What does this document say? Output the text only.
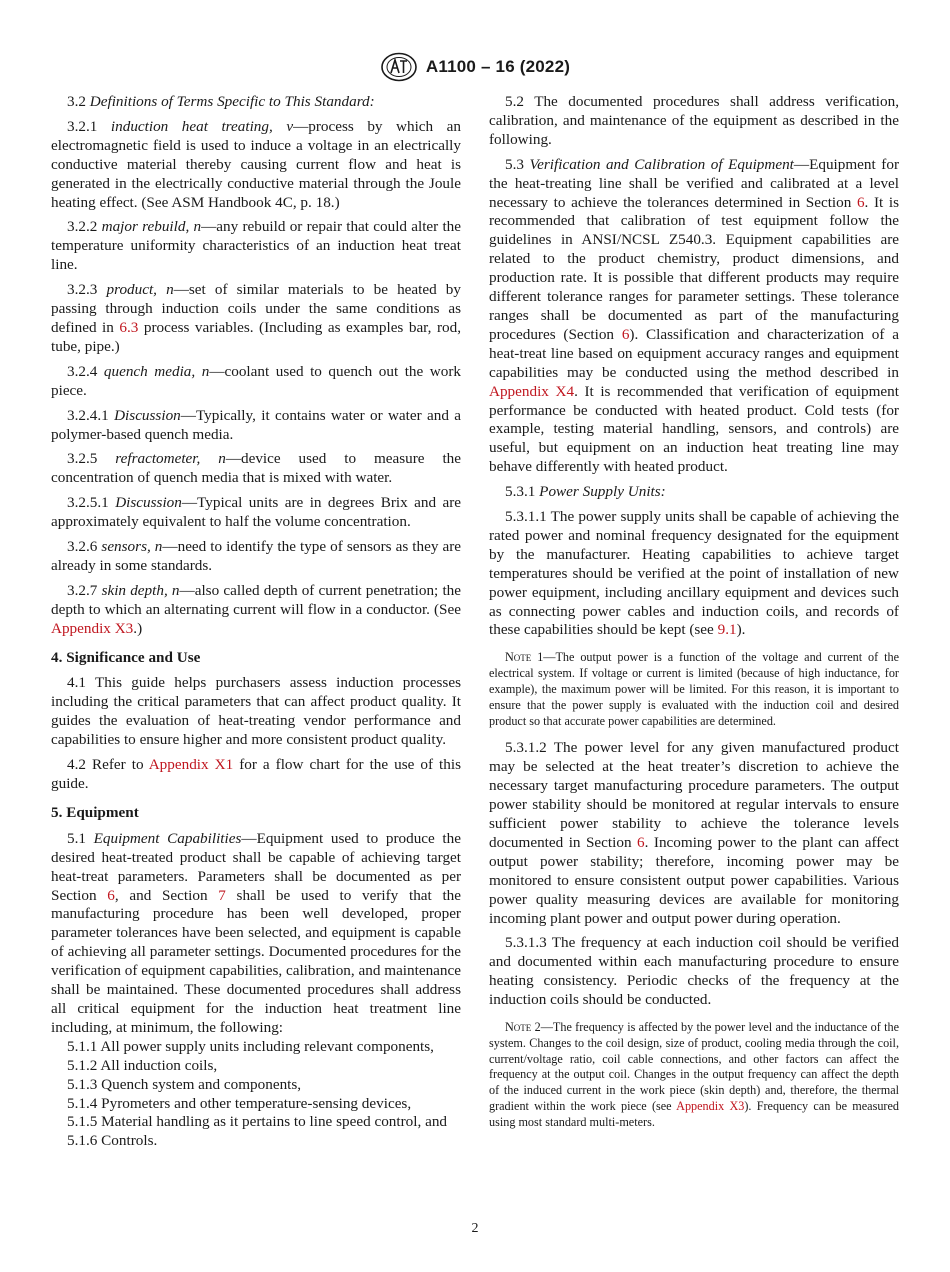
A1100 – 16 (2022)
3.2 Definitions of Terms Specific to This Standard:
3.2.1 induction heat treating, v—process by which an electromagnetic field is used to induce a voltage in an electrically conductive material thereby causing current flow and heat is generated in the electrically conductive material through the Joule heating effect. (See ASM Handbook 4C, p. 18.)
3.2.2 major rebuild, n—any rebuild or repair that could alter the temperature uniformity characteristics of an induction heat treat line.
3.2.3 product, n—set of similar materials to be heated by passing through induction coils under the same conditions as defined in 6.3 process variables. (Including as examples bar, rod, tube, pipe.)
3.2.4 quench media, n—coolant used to quench out the work piece.
3.2.4.1 Discussion—Typically, it contains water or water and a polymer-based quench media.
3.2.5 refractometer, n—device used to measure the concentration of quench media that is mixed with water.
3.2.5.1 Discussion—Typical units are in degrees Brix and are approximately equivalent to half the volume concentration.
3.2.6 sensors, n—need to identify the type of sensors as they are already in some standards.
3.2.7 skin depth, n—also called depth of current penetration; the depth to which an alternating current will flow in a conductor. (See Appendix X3.)
4. Significance and Use
4.1 This guide helps purchasers assess induction processes including the critical parameters that can affect product quality. It guides the evaluation of heat-treating vendor performance and capabilities to ensure higher and more consistent product quality.
4.2 Refer to Appendix X1 for a flow chart for the use of this guide.
5. Equipment
5.1 Equipment Capabilities—Equipment used to produce the desired heat-treated product shall be capable of achieving target heat-treat parameters. Parameters shall be documented as per Section 6, and Section 7 shall be used to verify that the manufacturing procedure has been well developed, proper parameter tolerances have been selected, and equipment is capable of achieving all parameter settings. Documented procedures for the verification of equipment capabilities, calibration, and maintenance shall be maintained. These documented procedures shall address all critical equipment for the induction heat treatment line including, at minimum, the following:
5.1.1 All power supply units including relevant components,
5.1.2 All induction coils,
5.1.3 Quench system and components,
5.1.4 Pyrometers and other temperature-sensing devices,
5.1.5 Material handling as it pertains to line speed control, and
5.1.6 Controls.
5.2 The documented procedures shall address verification, calibration, and maintenance of the equipment as described in the following.
5.3 Verification and Calibration of Equipment—Equipment for the heat-treating line shall be verified and calibrated at a level necessary to achieve the tolerances determined in Section 6. It is recommended that calibration of test equipment follow the guidelines in ANSI/NCSL Z540.3. Equipment capabilities are related to the product chemistry, product dimensions, and production rate. It is possible that different products may require different tolerance ranges for parameter settings. These tolerance ranges shall be documented as part of the manufacturing procedures (Section 6). Classification and characterization of a heat-treat line based on equipment accuracy ranges and equipment capabilities may be conducted using the method described in Appendix X4. It is recommended that verification of equipment performance be conducted with heated product. Cold tests (for example, testing material handling, sensors, and controls) are useful, but equipment on an induction heat treating line may behave differently with heated product.
5.3.1 Power Supply Units:
5.3.1.1 The power supply units shall be capable of achieving the rated power and nominal frequency designated for the equipment by the manufacturer. Heating capabilities to achieve target temperatures should be verified at the point of installation of new power equipment, including ancillary equipment and devices such as connecting power cables and induction coils, and records of these capabilities should be kept (see 9.1).
Note 1—The output power is a function of the voltage and current of the electrical system. If voltage or current is limited (because of high inductance, for example), the maximum power will be limited. For this reason, it is important to ensure that the power supply is evaluated with the induction coil and desired product so that accurate power capabilities are determined.
5.3.1.2 The power level for any given manufactured product may be selected at the heat treater’s discretion to achieve the necessary target manufacturing procedure parameters. The output power stability should be monitored at regular intervals to ensure sufficient power stability to achieve the tolerance levels documented in Section 6. Incoming power to the plant can affect output power stability; therefore, incoming power may be monitored to ensure consistent output power capabilities. Various power quality measuring devices are available for monitoring incoming plant power and output power during operation.
5.3.1.3 The frequency at each induction coil should be verified and documented within each manufacturing procedure to ensure heating consistency. Periodic checks of the frequency at the induction coils should be conducted.
Note 2—The frequency is affected by the power level and the inductance of the system. Changes to the coil design, size of product, cooling media through the coil, current/voltage ratio, coil cable connections, and other factors can affect the frequency at the output coil. Changes in the output frequency can affect the depth of the induced current in the work piece (skin depth) and, therefore, the thermal gradient within the work piece (see Appendix X3). Frequency can be measured using most standard multi-meters.
2
